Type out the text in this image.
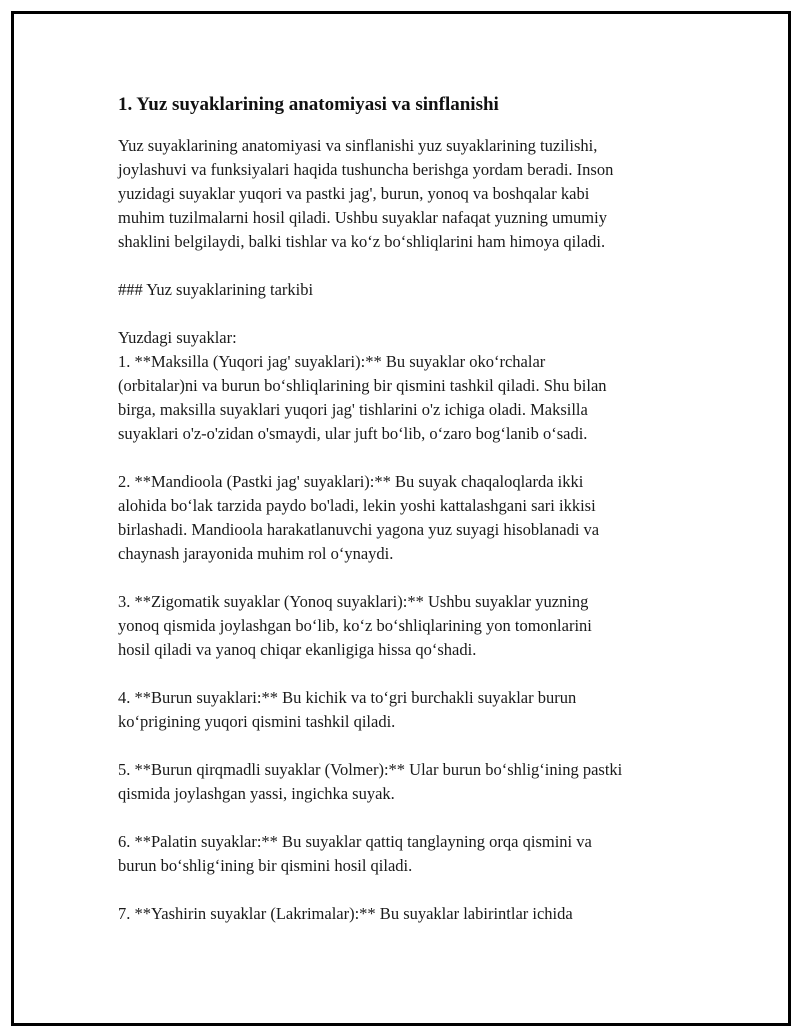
1. Yuz suyaklarining anatomiyasi va sinflanishi

Yuz suyaklarining anatomiyasi va sinflanishi yuz suyaklarining tuzilishi,

joylashuvi va funksiyalari haqida tushuncha berishga yordam beradi. Inson

yuzidagi suyaklar yuqori va pastki jag', burun, yonoq va boshqalar kabi

muhim tuzilmalarni hosil qiladi. Ushbu suyaklar nafaqat yuzning umumiy

shaklini belgilaydi, balki tishlar va ko‘z bo‘shliqlarini ham himoya qiladi.

### Yuz suyaklarining tarkibi

Yuzdagi suyaklar:

1. **Maksilla (Yuqori jag' suyaklari):** Bu suyaklar oko‘rchalar

(orbitalar)ni va burun bo‘shliqlarining bir qismini tashkil qiladi. Shu bilan

birga, maksilla suyaklari yuqori jag' tishlarini o'z ichiga oladi. Maksilla

suyaklari o'z-o'zidan o'smaydi, ular juft bo‘lib, o‘zaro bog‘lanib o‘sadi.

2. **Mandioola (Pastki jag' suyaklari):** Bu suyak chaqaloqlarda ikki

alohida bo‘lak tarzida paydo bo'ladi, lekin yoshi kattalashgani sari ikkisi

birlashadi. Mandioola harakatlanuvchi yagona yuz suyagi hisoblanadi va

chaynash jarayonida muhim rol o‘ynaydi.

3. **Zigomatik suyaklar (Yonoq suyaklari):** Ushbu suyaklar yuzning

yonoq qismida joylashgan bo‘lib, ko‘z bo‘shliqlarining yon tomonlarini

hosil qiladi va yanoq chiqar ekanligiga hissa qo‘shadi.

4. **Burun suyaklari:** Bu kichik va to‘gri burchakli suyaklar burun

ko‘prigining yuqori qismini tashkil qiladi.

5. **Burun qirqmadli suyaklar (Volmer):** Ular burun bo‘shlig‘ining pastki

qismida joylashgan yassi, ingichka suyak.

6. **Palatin suyaklar:** Bu suyaklar qattiq tanglayning orqa qismini va

burun bo‘shlig‘ining bir qismini hosil qiladi.

7. **Yashirin suyaklar (Lakrimalar):** Bu suyaklar labirintlar ichida
